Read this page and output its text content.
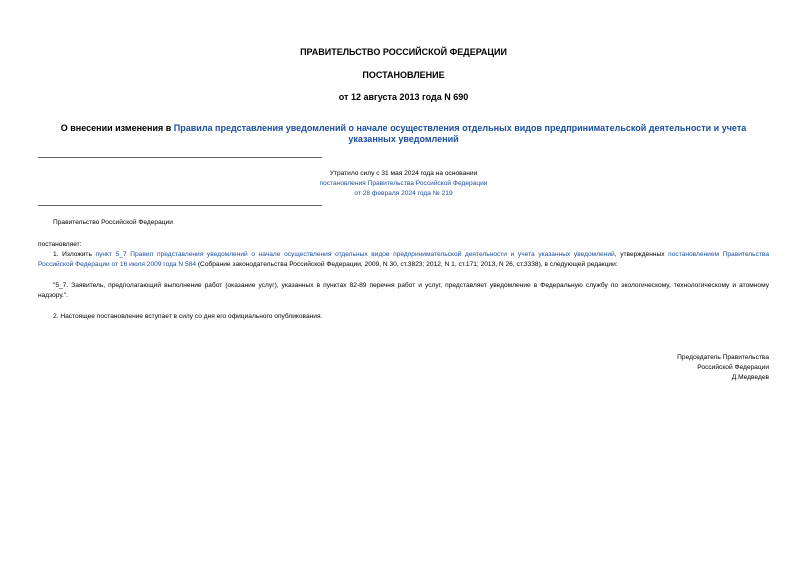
ПРАВИТЕЛЬСТВО РОССИЙСКОЙ ФЕДЕРАЦИИ
ПОСТАНОВЛЕНИЕ
от 12 августа 2013 года N 690
О внесении изменения в Правила представления уведомлений о начале осуществления отдельных видов предпринимательской деятельности и учета указанных уведомлений
Утратило силу с 31 мая 2024 года на основании
постановления Правительства Российской Федерации
от 28 февраля 2024 года № 219
Правительство Российской Федерации
постановляет:
1. Изложить пункт 5_7 Правил представления уведомлений о начале осуществления отдельных видов предпринимательской деятельности и учета указанных уведомлений, утвержденных постановлением Правительства Российской Федерации от 16 июля 2009 года N 584 (Собрание законодательства Российской Федерации, 2009, N 30, ст.3823; 2012, N 1, ст.171; 2013, N 26, ст.3338), в следующей редакции:
"5_7. Заявитель, предполагающий выполнение работ (оказание услуг), указанных в пунктах 82-89 перечня работ и услуг, представляет уведомление в Федеральную службу по экологическому, технологическому и атомному надзору.".
2. Настоящее постановление вступает в силу со дня его официального опубликования.
Председатель Правительства
Российской Федерации
Д.Медведев
